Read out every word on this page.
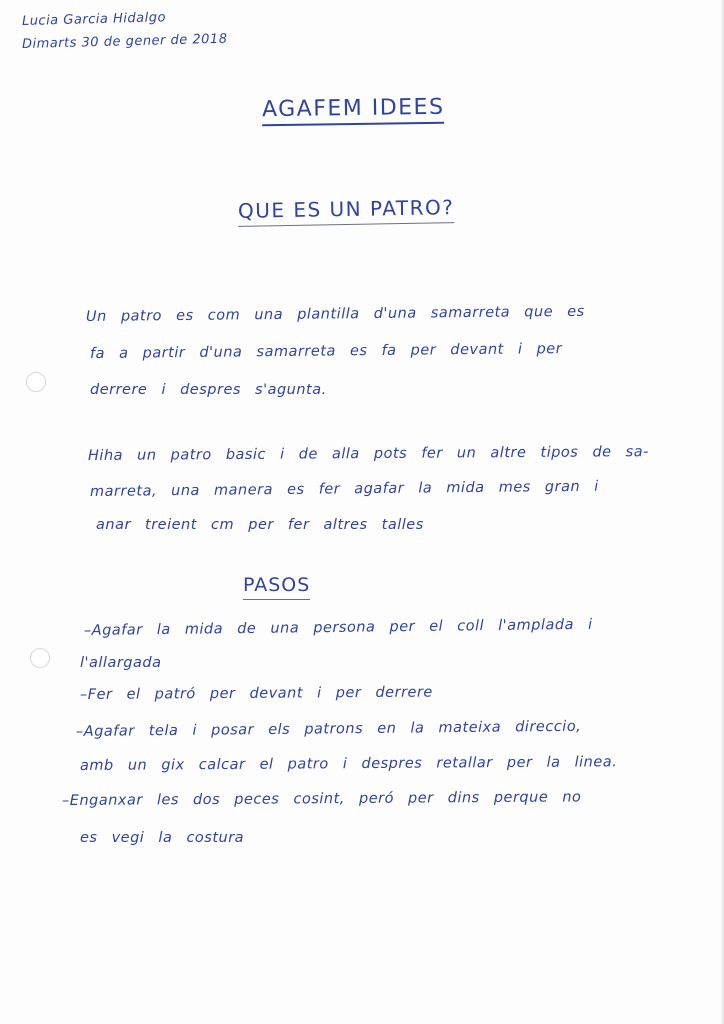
Lucia Garcia Hidalgo
Dimarts 30 de gener de 2018
AGAFEM IDEES
QUE ES UN PATRO?
Un patro es com una plantilla d'una samarreta que es
fa a partir d'una samarreta es fa per devant i per
derrere i despres s'agunta.
Hiha un patro basic i de alla pots fer un altre tipos de sa-
marreta, una manera es fer agafar la mida mes gran i
anar treient cm per fer altres talles
PASOS
–Agafar la mida de una persona per el coll l'amplada i
l'allargada
–Fer el patró per devant i per derrere
–Agafar tela i posar els patrons en la mateixa direccio,
amb un gix calcar el patro i despres retallar per la linea.
–Enganxar les dos peces cosint, peró per dins perque no
es vegi la costura
